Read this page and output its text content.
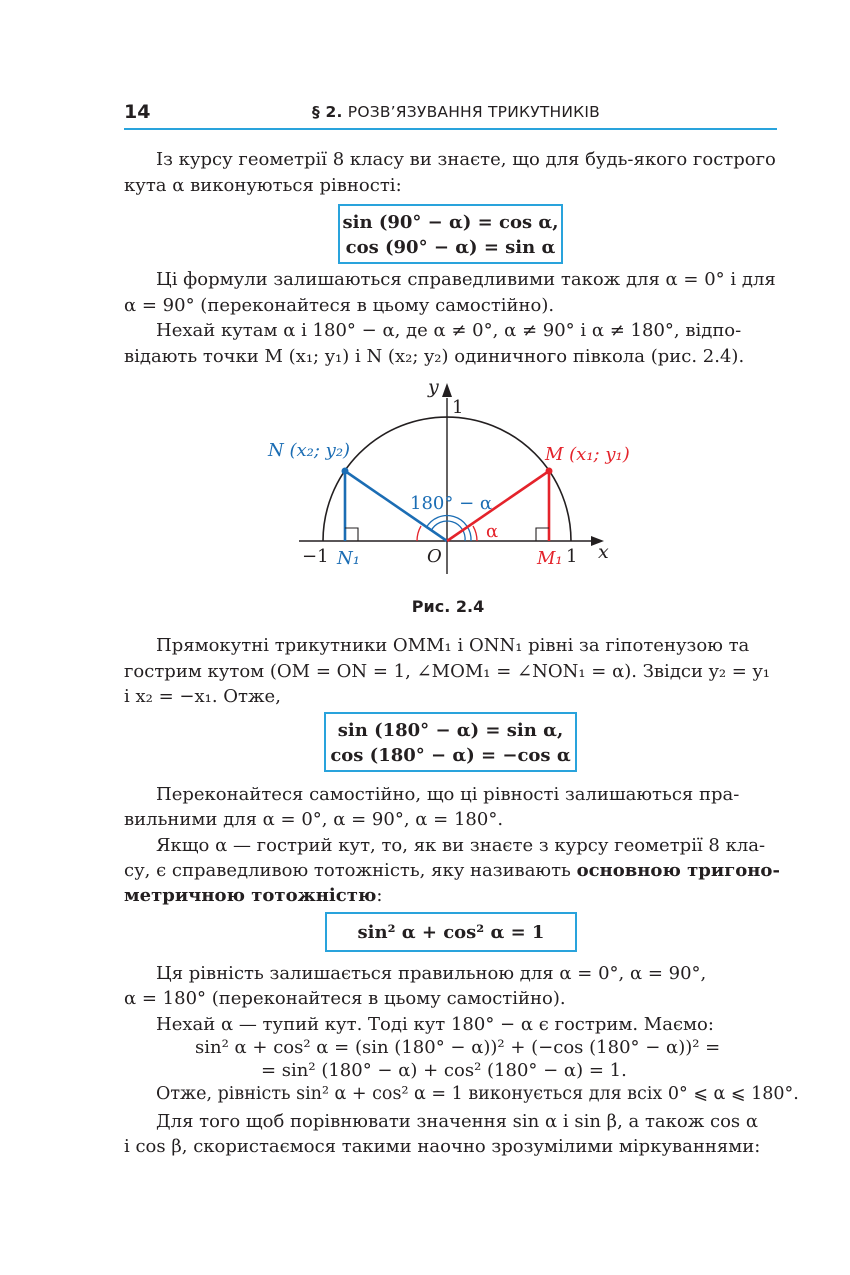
14	§ 2. РОЗВ’ЯЗУВАННЯ ТРИКУТНИКІВ
Із курсу геометрії 8 класу ви знаєте, що для будь-якого гострого
кута α виконуються рівності:
sin (90° − α) = cos α,
cos (90° − α) = sin α
Ці формули залишаються справедливими також для α = 0° і для
α = 90° (переконайтеся в цьому самостійно).
Нехай кутам α і 180° − α, де α ≠ 0°, α ≠ 90° і α ≠ 180°, відпо-
відають точки M (x₁; y₁) і N (x₂; y₂) одиничного півкола (рис. 2.4).
y
1
x
−1	1
O
N₁	M₁
N (x₂; y₂)	M (x₁; y₁)
180° − α
α
Рис. 2.4
Прямокутні трикутники OMM₁ і ONN₁ рівні за гіпотенузою та
гострим кутом (OM = ON = 1, ∠MOM₁ = ∠NON₁ = α). Звідси y₂ = y₁
і x₂ = −x₁. Отже,
sin (180° − α) = sin α,
cos (180° − α) = −cos α
Переконайтеся самостійно, що ці рівності залишаються пра-
вильними для α = 0°, α = 90°, α = 180°.
Якщо α — гострий кут, то, як ви знаєте з курсу геометрії 8 кла-
су, є справедливою тотожність, яку називають основною тригоно-
метричною тотожністю:
sin² α + cos² α = 1
Ця рівність залишається правильною для α = 0°, α = 90°,
α = 180° (переконайтеся в цьому самостійно).
Нехай α — тупий кут. Тоді кут 180° − α є гострим. Маємо:
sin² α + cos² α = (sin (180° − α))² + (−cos (180° − α))² =
= sin² (180° − α) + cos² (180° − α) = 1.
Отже, рівність sin² α + cos² α = 1 виконується для всіх 0° ⩽ α ⩽ 180°.
Для того щоб порівнювати значення sin α і sin β, а також cos α
і cos β, скористаємося такими наочно зрозумілими міркуваннями:
